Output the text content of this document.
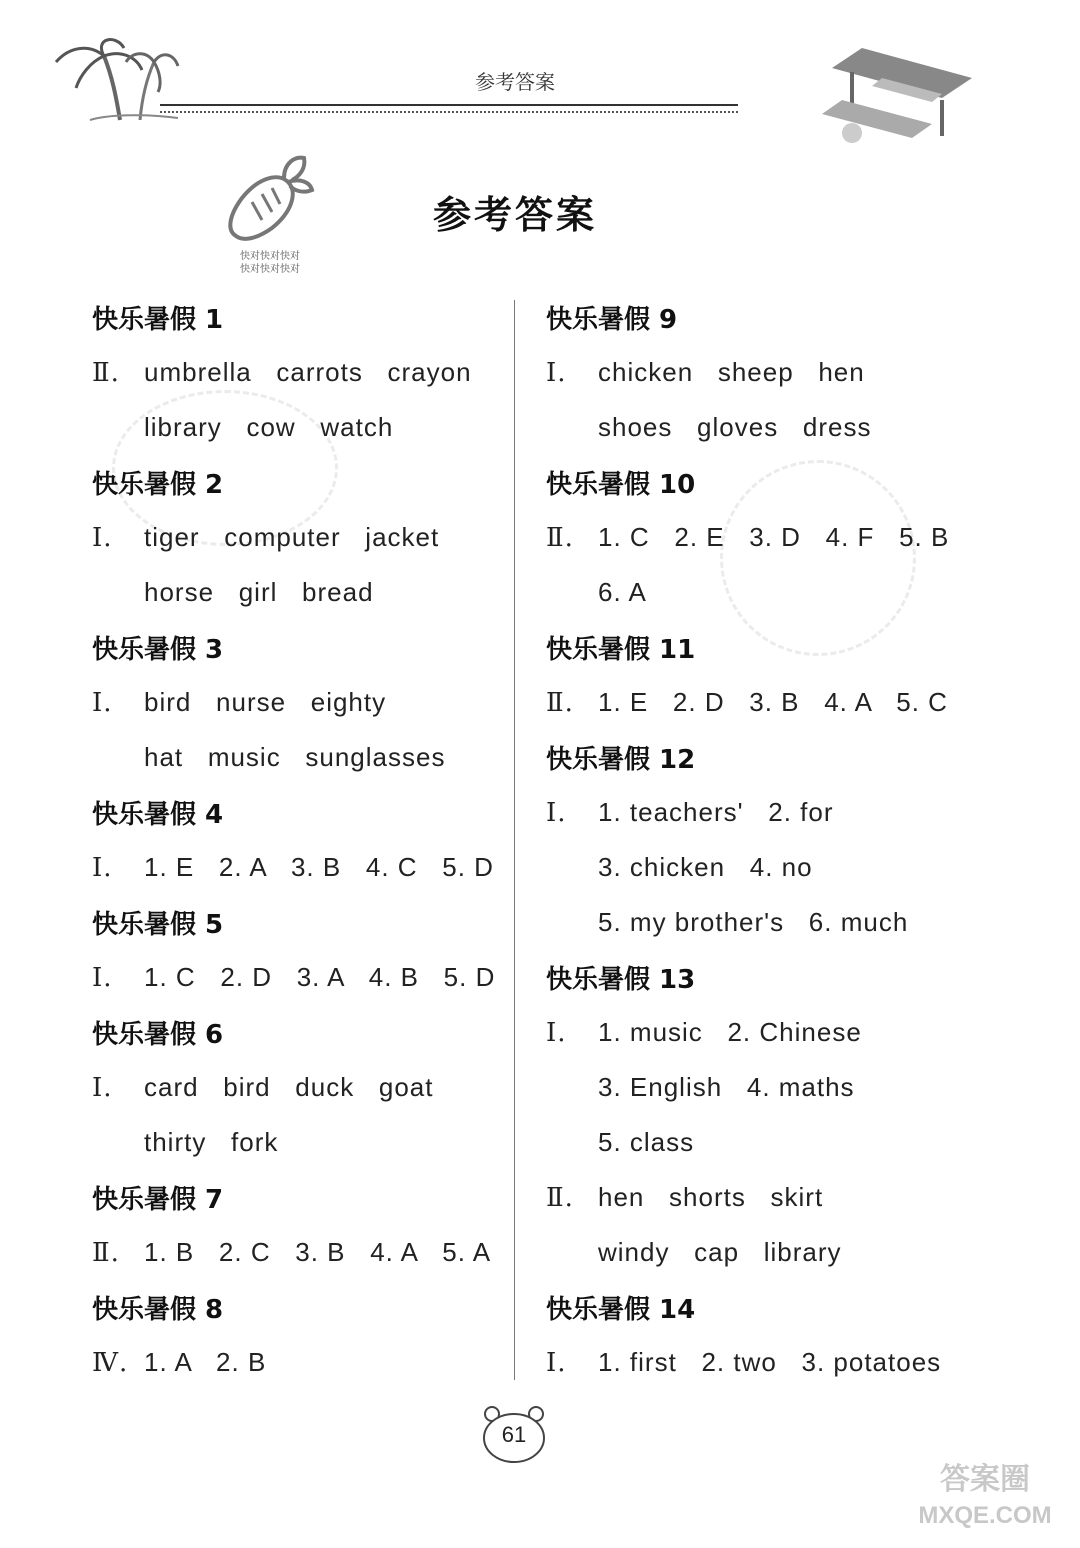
参考答案
快对快对快对
快对快对快对
参考答案
快乐暑假 1
Ⅱ. umbrella   carrots   crayon
library   cow   watch
快乐暑假 2
Ⅰ.	tiger   computer   jacket
horse   girl   bread
快乐暑假 3
Ⅰ.	bird   nurse   eighty
hat   music   sunglasses
快乐暑假 4
Ⅰ.	1. E   2. A   3. B   4. C   5. D
快乐暑假 5
Ⅰ.	1. C   2. D   3. A   4. B   5. D
快乐暑假 6
Ⅰ.	card   bird   duck   goat
thirty   fork
快乐暑假 7
Ⅱ. 1. B   2. C   3. B   4. A   5. A
快乐暑假 8
Ⅳ. 1. A   2. B
快乐暑假 9
Ⅰ.	chicken   sheep   hen
shoes   gloves   dress
快乐暑假 10
Ⅱ. 1. C   2. E   3. D   4. F   5. B
6. A
快乐暑假 11
Ⅱ. 1. E   2. D   3. B   4. A   5. C
快乐暑假 12
Ⅰ.	1. teachers'   2. for
3. chicken   4. no
5. my brother's   6. much
快乐暑假 13
Ⅰ.	1. music   2. Chinese
3. English   4. maths
5. class
Ⅱ. hen   shorts   skirt
windy   cap   library
快乐暑假 14
Ⅰ.	1. first   2. two   3. potatoes
61
答案圈
MXQE.COM
